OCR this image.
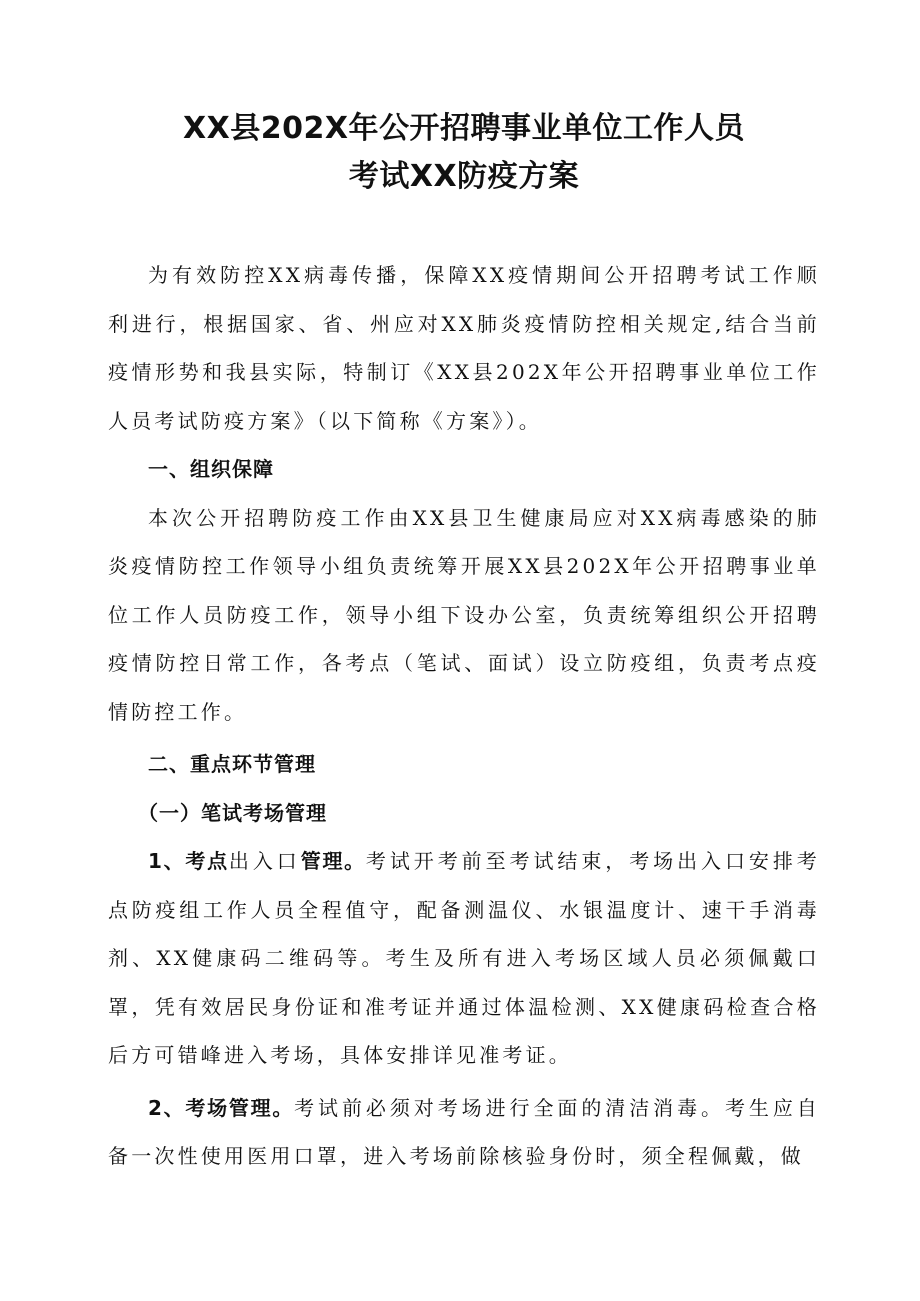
XX县202X年公开招聘事业单位工作人员
考试XX防疫方案

为有效防控XX病毒传播，保障XX疫情期间公开招聘考试工作顺利进行，根据国家、省、州应对XX肺炎疫情防控相关规定,结合当前疫情形势和我县实际，特制订《XX县202X年公开招聘事业单位工作人员考试防疫方案》（以下简称《方案》）。

一、组织保障

本次公开招聘防疫工作由XX县卫生健康局应对XX病毒感染的肺炎疫情防控工作领导小组负责统筹开展XX县202X年公开招聘事业单位工作人员防疫工作，领导小组下设办公室，负责统筹组织公开招聘疫情防控日常工作，各考点（笔试、面试）设立防疫组，负责考点疫情防控工作。

二、重点环节管理

（一）笔试考场管理

1、考点出入口管理。考试开考前至考试结束，考场出入口安排考点防疫组工作人员全程值守，配备测温仪、水银温度计、速干手消毒剂、XX健康码二维码等。考生及所有进入考场区域人员必须佩戴口罩，凭有效居民身份证和准考证并通过体温检测、XX健康码检查合格后方可错峰进入考场，具体安排详见准考证。

2、考场管理。考试前必须对考场进行全面的清洁消毒。考生应自备一次性使用医用口罩，进入考场前除核验身份时，须全程佩戴，做
